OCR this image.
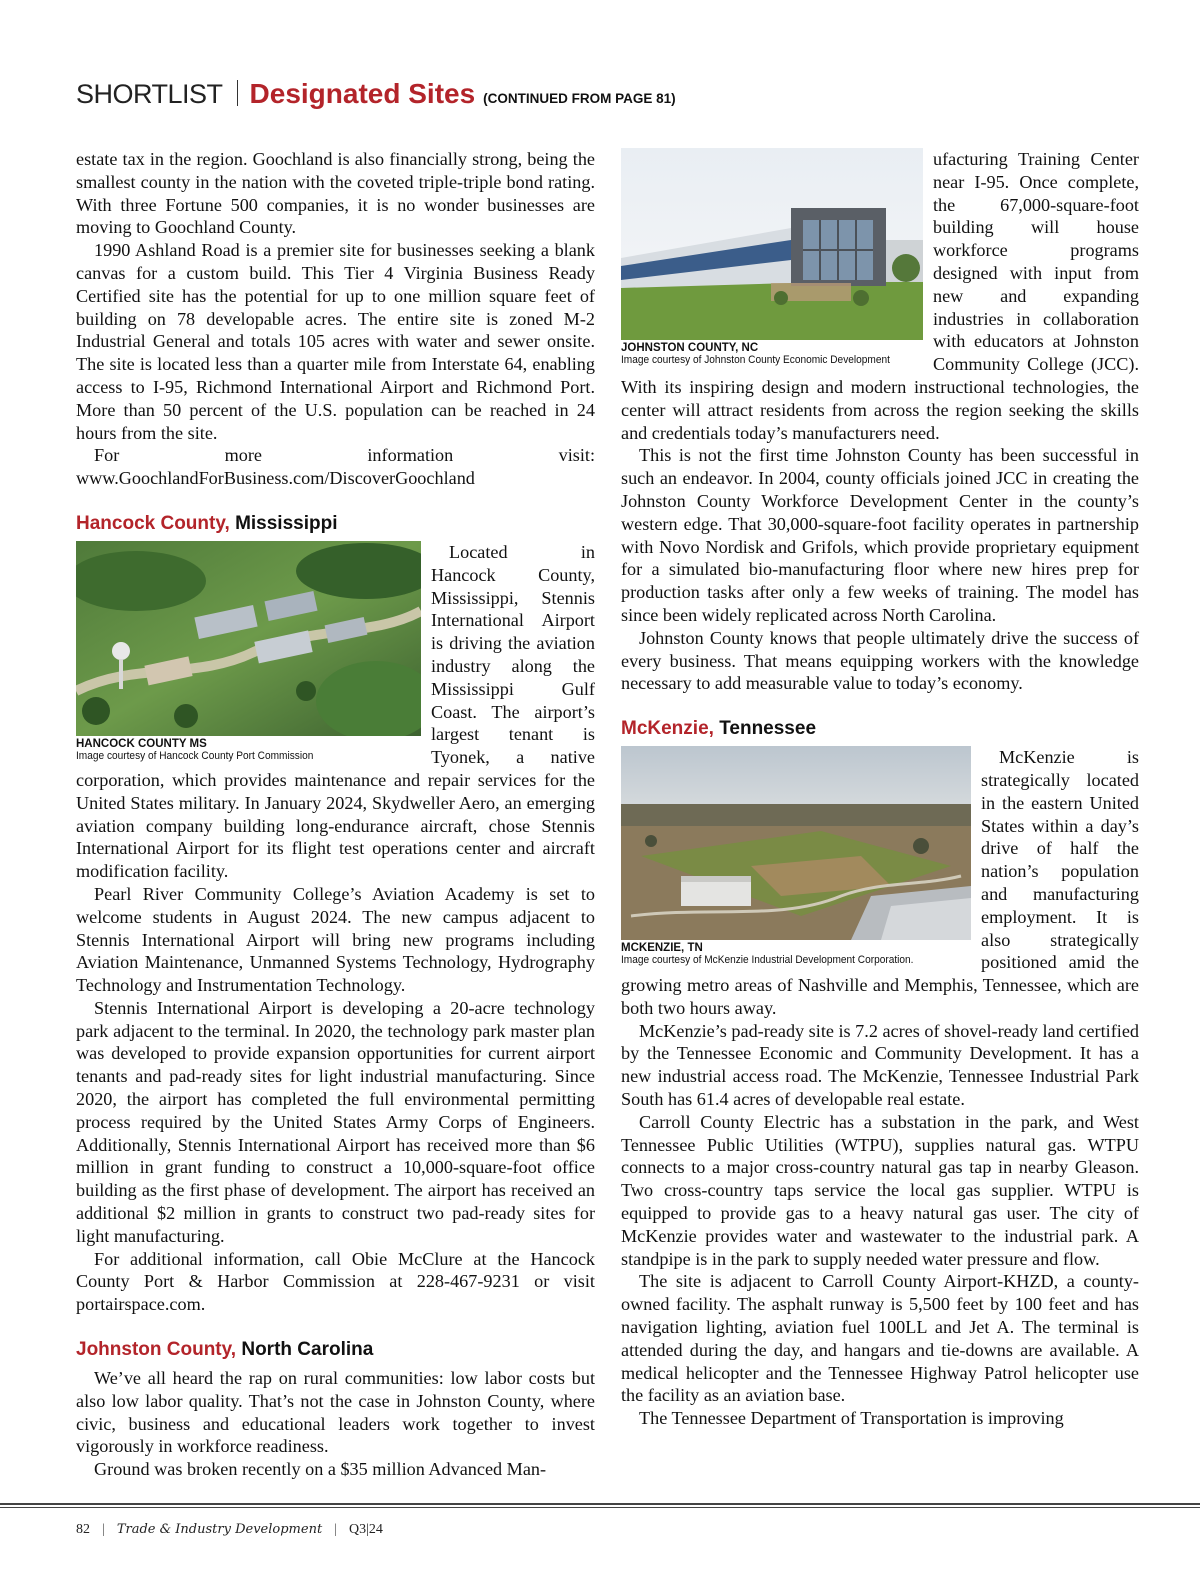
SHORTLIST Designated Sites (CONTINUED FROM PAGE 81)

estate tax in the region. Goochland is also financially strong, being the smallest county in the nation with the coveted triple-triple bond rating. With three Fortune 500 companies, it is no wonder businesses are moving to Goochland County.

1990 Ashland Road is a premier site for businesses seeking a blank canvas for a custom build. This Tier 4 Virginia Business Ready Certified site has the potential for up to one million square feet of building on 78 developable acres. The entire site is zoned M-2 Industrial General and totals 105 acres with water and sewer onsite. The site is located less than a quarter mile from Interstate 64, enabling access to I-95, Richmond International Airport and Richmond Port. More than 50 percent of the U.S. population can be reached in 24 hours from the site.

For more information visit: www.GoochlandForBusiness.com/DiscoverGoochland

Hancock County, Mississippi
HANCOCK COUNTY MS
Image courtesy of Hancock County Port Commission

Located in Hancock County, Mississippi, Stennis International Airport is driving the aviation industry along the Mississippi Gulf Coast. The airport’s largest tenant is Tyonek, a native corporation, which provides maintenance and repair services for the United States military. In January 2024, Skydweller Aero, an emerging aviation company building long-endurance aircraft, chose Stennis International Airport for its flight test operations center and aircraft modification facility.

Pearl River Community College’s Aviation Academy is set to welcome students in August 2024. The new campus adjacent to Stennis International Airport will bring new programs including Aviation Maintenance, Unmanned Systems Technology, Hydrography Technology and Instrumentation Technology.

Stennis International Airport is developing a 20-acre technology park adjacent to the terminal. In 2020, the technology park master plan was developed to provide expansion opportunities for current airport tenants and pad-ready sites for light industrial manufacturing. Since 2020, the airport has completed the full environmental permitting process required by the United States Army Corps of Engineers. Additionally, Stennis International Airport has received more than $6 million in grant funding to construct a 10,000-square-foot office building as the first phase of development. The airport has received an additional $2 million in grants to construct two pad-ready sites for light manufacturing.

For additional information, call Obie McClure at the Hancock County Port & Harbor Commission at 228-467-9231 or visit portairspace.com.

Johnston County, North Carolina

We’ve all heard the rap on rural communities: low labor costs but also low labor quality. That’s not the case in Johnston County, where civic, business and educational leaders work together to invest vigorously in workforce readiness.

Ground was broken recently on a $35 million Advanced Man-

JOHNSTON COUNTY, NC
Image courtesy of Johnston County Economic Development

ufacturing Training Center near I-95. Once complete, the 67,000-square-foot building will house workforce programs designed with input from new and expanding industries in collaboration with educators at Johnston Community College (JCC). With its inspiring design and modern instructional technologies, the center will attract residents from across the region seeking the skills and credentials today’s manufacturers need.

This is not the first time Johnston County has been successful in such an endeavor. In 2004, county officials joined JCC in creating the Johnston County Workforce Development Center in the county’s western edge. That 30,000-square-foot facility operates in partnership with Novo Nordisk and Grifols, which provide proprietary equipment for a simulated bio-manufacturing floor where new hires prep for production tasks after only a few weeks of training. The model has since been widely replicated across North Carolina.

Johnston County knows that people ultimately drive the success of every business. That means equipping workers with the knowledge necessary to add measurable value to today’s economy.

McKenzie, Tennessee
MCKENZIE, TN
Image courtesy of McKenzie Industrial Development Corporation.

McKenzie is strategically located in the eastern United States within a day’s drive of half the nation’s population and manufacturing employment. It is also strategically positioned amid the growing metro areas of Nashville and Memphis, Tennessee, which are both two hours away.

McKenzie’s pad-ready site is 7.2 acres of shovel-ready land certified by the Tennessee Economic and Community Development. It has a new industrial access road. The McKenzie, Tennessee Industrial Park South has 61.4 acres of developable real estate.

Carroll County Electric has a substation in the park, and West Tennessee Public Utilities (WTPU), supplies natural gas. WTPU connects to a major cross-country natural gas tap in nearby Gleason. Two cross-country taps service the local gas supplier. WTPU is equipped to provide gas to a heavy natural gas user. The city of McKenzie provides water and wastewater to the industrial park. A standpipe is in the park to supply needed water pressure and flow.

The site is adjacent to Carroll County Airport-KHZD, a county-owned facility. The asphalt runway is 5,500 feet by 100 feet and has navigation lighting, aviation fuel 100LL and Jet A. The terminal is attended during the day, and hangars and tie-downs are available. A medical helicopter and the Tennessee Highway Patrol helicopter use the facility as an aviation base.

The Tennessee Department of Transportation is improving

82 | Trade & Industry Development | Q3|24
